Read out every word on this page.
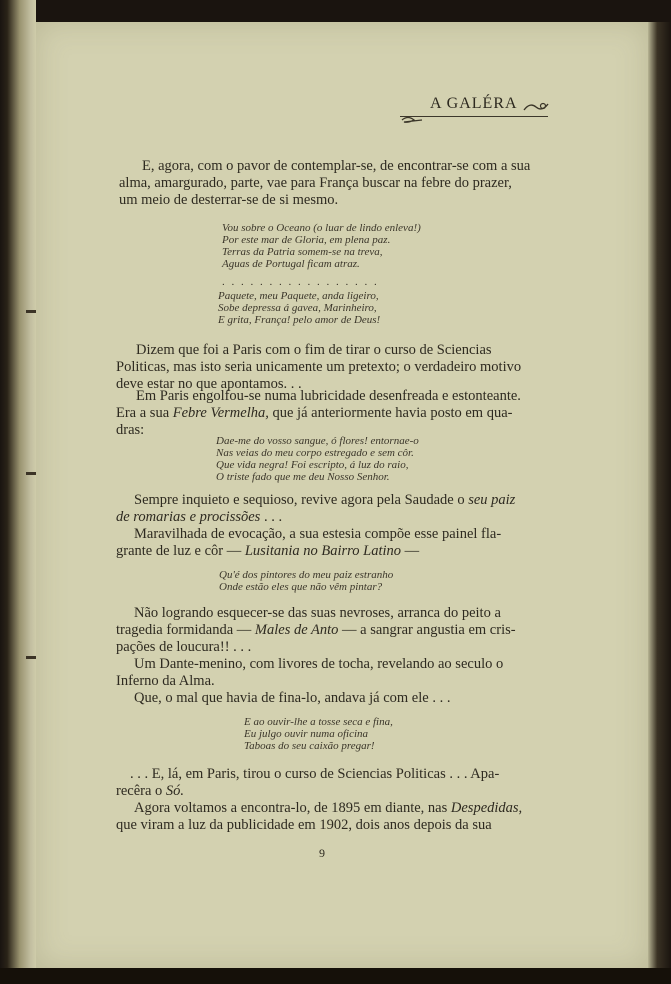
A GALÉRA

E, agora, com o pavor de contemplar-se, de encontrar-se com a sua

alma, amargurado, parte, vae para França buscar na febre do prazer,

um meio de desterrar-se de si mesmo.

Vou sobre o Oceano (o luar de lindo enleva!)

Por este mar de Gloria, em plena paz.

Terras da Patria somem-se na treva,

Aguas de Portugal ficam atraz.

. . . . . . . . . . . . . . . . .

Paquete, meu Paquete, anda ligeiro,

Sobe depressa á gavea, Marinheiro,

E grita, França! pelo amor de Deus!

Dizem que foi a Paris com o fim de tirar o curso de Sciencias

Politicas, mas isto seria unicamente um pretexto; o verdadeiro motivo

deve estar no que apontamos. . .

Em Paris engolfou-se numa lubricidade desenfreada e estonteante.

Era a sua Febre Vermelha, que já anteriormente havia posto em qua-

dras:

Dae-me do vosso sangue, ó flores! entornae-o

Nas veias do meu corpo estregado e sem côr.

Que vida negra! Foi escripto, á luz do raio,

O triste fado que me deu Nosso Senhor.

Sempre inquieto e sequioso, revive agora pela Saudade o seu paiz

de romarias e procissões . . .

Maravilhada de evocação, a sua estesia compõe esse painel fla-

grante de luz e côr — Lusitania no Bairro Latino —

Qu'é dos pintores do meu paiz estranho

Onde estão eles que não vêm pintar?

Não logrando esquecer-se das suas nevroses, arranca do peito a

tragedia formidanda — Males de Anto — a sangrar angustia em cris-

pações de loucura!! . . .

Um Dante-menino, com livores de tocha, revelando ao seculo o

Inferno da Alma.

Que, o mal que havia de fina-lo, andava já com ele . . .

E ao ouvir-lhe a tosse seca e fina,

Eu julgo ouvir numa oficina

Taboas do seu caixão pregar!

. . . E, lá, em Paris, tirou o curso de Sciencias Politicas . . . Apa-

recêra o Só.

Agora voltamos a encontra-lo, de 1895 em diante, nas Despedidas,

que viram a luz da publicidade em 1902, dois anos depois da sua

9
